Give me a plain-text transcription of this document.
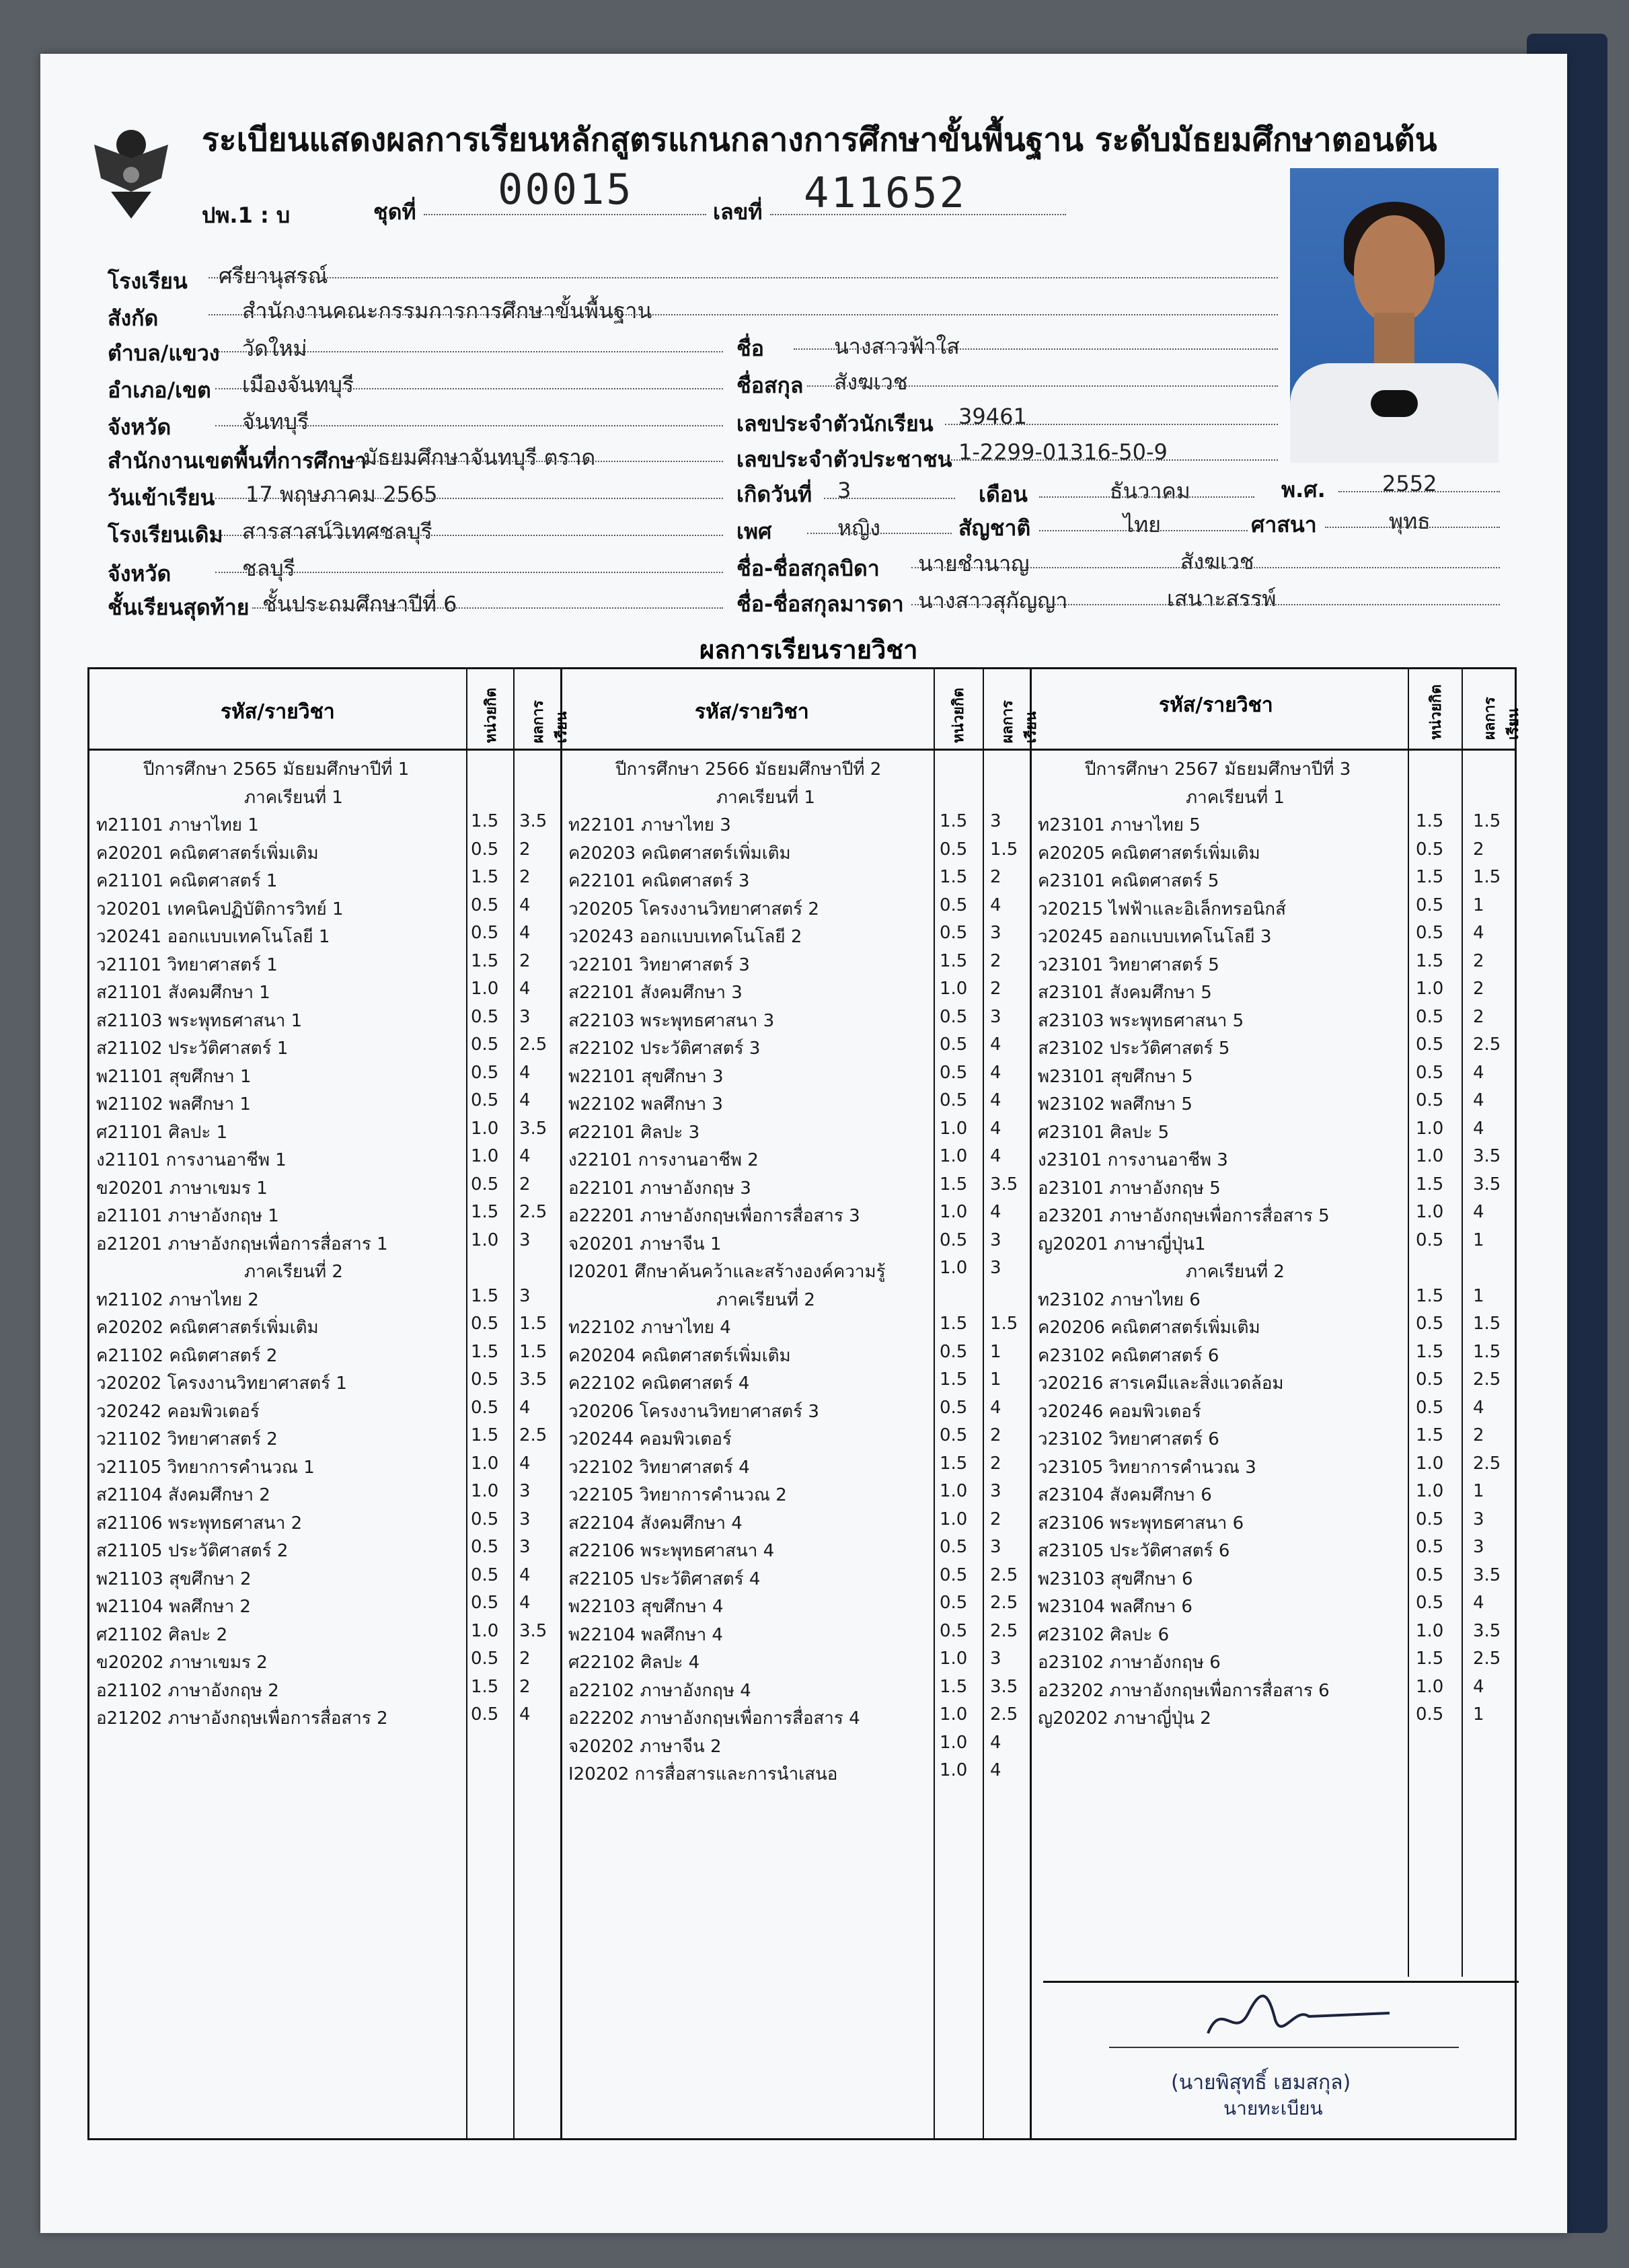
ระเบียนแสดงผลการเรียนหลักสูตรแกนกลางการศึกษาขั้นพื้นฐาน ระดับมัธยมศึกษาตอนต้น
ปพ.1 : บ	ชุดที่ 00015	เลขที่ 411652
โรงเรียน ศรียานุสรณ์
สังกัด	สำนักงานคณะกรรมการการศึกษาขั้นพื้นฐาน
ตำบล/แขวง วัดใหม่	ชื่อ	นางสาวฟ้าใส
อำเภอ/เขต เมืองจันทบุรี	ชื่อสกุล สังฆเวช
จังหวัด	จันทบุรี	เลขประจำตัวนักเรียน 39461
สำนักงานเขตพื้นที่การศึกษา
มัธยมศึกษาจันทบุรี ตราด	เลขประจำตัวประชาชน 1-2299-01316-50-9
วันเข้าเรียน 17 พฤษภาคม 2565	เกิดวันที่ 3	เดือน	ธันวาคม	พ.ศ.	2552
โรงเรียนเดิม สารสาสน์วิเทศชลบุรี	เพศ	หญิง	สัญชาติ	ไทย	ศาสนา	พุทธ
จังหวัด	ชลบุรี	ชื่อ-ชื่อสกุลบิดา นายชำนาญ	สังฆเวช
ชั้นเรียนสุดท้าย ชั้นประถมศึกษาปีที่ 6	ชื่อ-ชื่อสกุลมารดา นางสาวสุกัญญา	เสนาะสรรพ์
ผลการเรียนรายวิชา
รหัส/รายวิชา	หน่วยกิต ผลการเรียน	รหัส/รายวิชา	หน่วยกิต ผลการเรียน
รหัส/รายวิชา	หน่วยกิต	ผลการเรียน
ปีการศึกษา 2565 มัธยมศึกษาปีที่ 1
ภาคเรียนที่ 1
ท21101 ภาษาไทย 1	1.5 3.5
ค20201 คณิตศาสตร์เพิ่มเติม	0.5 2
ค21101 คณิตศาสตร์ 1	1.5 2
ว20201 เทคนิคปฏิบัติการวิทย์ 1	0.5 4
ว20241 ออกแบบเทคโนโลยี 1	0.5 4
ว21101 วิทยาศาสตร์ 1	1.5 2
ส21101 สังคมศึกษา 1	1.0 4
ส21103 พระพุทธศาสนา 1	0.5 3
ส21102 ประวัติศาสตร์ 1	0.5 2.5
พ21101 สุขศึกษา 1	0.5 4
พ21102 พลศึกษา 1	0.5 4
ศ21101 ศิลปะ 1	1.0 3.5
ง21101 การงานอาชีพ 1	1.0 4
ข20201 ภาษาเขมร 1	0.5 2
อ21101 ภาษาอังกฤษ 1	1.5 2.5
อ21201 ภาษาอังกฤษเพื่อการสื่อสาร 1	1.0 3
ภาคเรียนที่ 2
ท21102 ภาษาไทย 2	1.5 3
ค20202 คณิตศาสตร์เพิ่มเติม	0.5 1.5
ค21102 คณิตศาสตร์ 2	1.5 1.5
ว20202 โครงงานวิทยาศาสตร์ 1	0.5 3.5
ว20242 คอมพิวเตอร์	0.5 4
ว21102 วิทยาศาสตร์ 2	1.5 2.5
ว21105 วิทยาการคำนวณ 1	1.0 4
ส21104 สังคมศึกษา 2	1.0 3
ส21106 พระพุทธศาสนา 2	0.5 3
ส21105 ประวัติศาสตร์ 2	0.5 3
พ21103 สุขศึกษา 2	0.5 4
พ21104 พลศึกษา 2	0.5 4
ศ21102 ศิลปะ 2	1.0 3.5
ข20202 ภาษาเขมร 2	0.5 2
อ21102 ภาษาอังกฤษ 2	1.5 2
อ21202 ภาษาอังกฤษเพื่อการสื่อสาร 2	0.5 4
ปีการศึกษา 2566 มัธยมศึกษาปีที่ 2
ภาคเรียนที่ 1
ท22101 ภาษาไทย 3	1.5 3
ค20203 คณิตศาสตร์เพิ่มเติม	0.5 1.5
ค22101 คณิตศาสตร์ 3	1.5 2
ว20205 โครงงานวิทยาศาสตร์ 2	0.5 4
ว20243 ออกแบบเทคโนโลยี 2	0.5 3
ว22101 วิทยาศาสตร์ 3	1.5 2
ส22101 สังคมศึกษา 3	1.0 2
ส22103 พระพุทธศาสนา 3	0.5 3
ส22102 ประวัติศาสตร์ 3	0.5 4
พ22101 สุขศึกษา 3	0.5 4
พ22102 พลศึกษา 3	0.5 4
ศ22101 ศิลปะ 3	1.0 4
ง22101 การงานอาชีพ 2	1.0 4
อ22101 ภาษาอังกฤษ 3	1.5 3.5
อ22201 ภาษาอังกฤษเพื่อการสื่อสาร 3	1.0 4
จ20201 ภาษาจีน 1	0.5 3
I20201 ศึกษาค้นคว้าและสร้างองค์ความรู้	1.0 3
ภาคเรียนที่ 2
ท22102 ภาษาไทย 4	1.5 1.5
ค20204 คณิตศาสตร์เพิ่มเติม	0.5 1
ค22102 คณิตศาสตร์ 4	1.5 1
ว20206 โครงงานวิทยาศาสตร์ 3	0.5 4
ว20244 คอมพิวเตอร์	0.5 2
ว22102 วิทยาศาสตร์ 4	1.5 2
ว22105 วิทยาการคำนวณ 2	1.0 3
ส22104 สังคมศึกษา 4	1.0 2
ส22106 พระพุทธศาสนา 4	0.5 3
ส22105 ประวัติศาสตร์ 4	0.5 2.5
พ22103 สุขศึกษา 4	0.5 2.5
พ22104 พลศึกษา 4	0.5 2.5
ศ22102 ศิลปะ 4	1.0 3
อ22102 ภาษาอังกฤษ 4	1.5 3.5
อ22202 ภาษาอังกฤษเพื่อการสื่อสาร 4	1.0 2.5
จ20202 ภาษาจีน 2	1.0 4
I20202 การสื่อสารและการนำเสนอ	1.0 4
ปีการศึกษา 2567 มัธยมศึกษาปีที่ 3
ภาคเรียนที่ 1
ท23101 ภาษาไทย 5	1.5 1.5
ค20205 คณิตศาสตร์เพิ่มเติม	0.5 2
ค23101 คณิตศาสตร์ 5	1.5 1.5
ว20215 ไฟฟ้าและอิเล็กทรอนิกส์	0.5 1
ว20245 ออกแบบเทคโนโลยี 3	0.5 4
ว23101 วิทยาศาสตร์ 5	1.5 2
ส23101 สังคมศึกษา 5	1.0 2
ส23103 พระพุทธศาสนา 5	0.5 2
ส23102 ประวัติศาสตร์ 5	0.5 2.5
พ23101 สุขศึกษา 5	0.5 4
พ23102 พลศึกษา 5	0.5 4
ศ23101 ศิลปะ 5	1.0 4
ง23101 การงานอาชีพ 3	1.0 3.5
อ23101 ภาษาอังกฤษ 5	1.5 3.5
อ23201 ภาษาอังกฤษเพื่อการสื่อสาร 5	1.0 4
ญ20201 ภาษาญี่ปุ่น1	0.5 1
ภาคเรียนที่ 2
ท23102 ภาษาไทย 6	1.5 1
ค20206 คณิตศาสตร์เพิ่มเติม	0.5 1.5
ค23102 คณิตศาสตร์ 6	1.5 1.5
ว20216 สารเคมีและสิ่งแวดล้อม	0.5 2.5
ว20246 คอมพิวเตอร์	0.5 4
ว23102 วิทยาศาสตร์ 6	1.5 2
ว23105 วิทยาการคำนวณ 3	1.0 2.5
ส23104 สังคมศึกษา 6	1.0 1
ส23106 พระพุทธศาสนา 6	0.5 3
ส23105 ประวัติศาสตร์ 6	0.5 3
พ23103 สุขศึกษา 6	0.5 3.5
พ23104 พลศึกษา 6	0.5 4
ศ23102 ศิลปะ 6	1.0 3.5
อ23102 ภาษาอังกฤษ 6	1.5 2.5
อ23202 ภาษาอังกฤษเพื่อการสื่อสาร 6	1.0 4
ญ20202 ภาษาญี่ปุ่น 2	0.5 1
(นายพิสุทธิ์ เฮมสกุล)
นายทะเบียน
